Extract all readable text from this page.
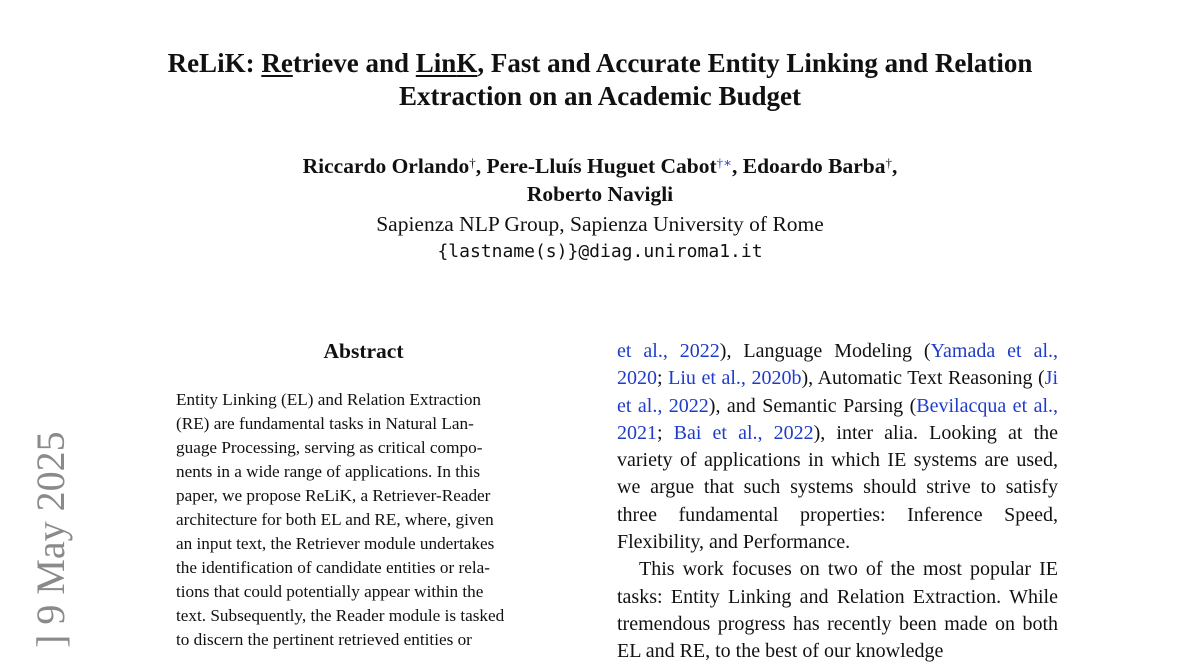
ReLiK: Retrieve and LinK, Fast and Accurate Entity Linking and Relation
Extraction on an Academic Budget
Riccardo Orlando†, Pere-Lluís Huguet Cabot†∗, Edoardo Barba†,
Roberto Navigli
Sapienza NLP Group, Sapienza University of Rome
{lastname(s)}@diag.uniroma1.it
Abstract
Entity Linking (EL) and Relation Extraction
(RE) are fundamental tasks in Natural Lan-
guage Processing, serving as critical compo-
nents in a wide range of applications. In this
paper, we propose ReLiK, a Retriever-Reader
architecture for both EL and RE, where, given
an input text, the Retriever module undertakes
the identification of candidate entities or rela-
tions that could potentially appear within the
text. Subsequently, the Reader module is tasked
to discern the pertinent retrieved entities or

et al., 2022), Language Modeling (Yamada et al., 2020; Liu et al., 2020b), Automatic Text Reasoning (Ji et al., 2022), and Semantic Parsing (Bevilacqua et al., 2021; Bai et al., 2022), inter alia. Looking at the variety of applications in which IE systems are used, we argue that such systems should strive to satisfy three fundamental properties: Inference Speed, Flexibility, and Performance.

This work focuses on two of the most popular IE tasks: Entity Linking and Relation Extraction. While tremendous progress has recently been made on both EL and RE, to the best of our knowledge

] 9 May 2025
